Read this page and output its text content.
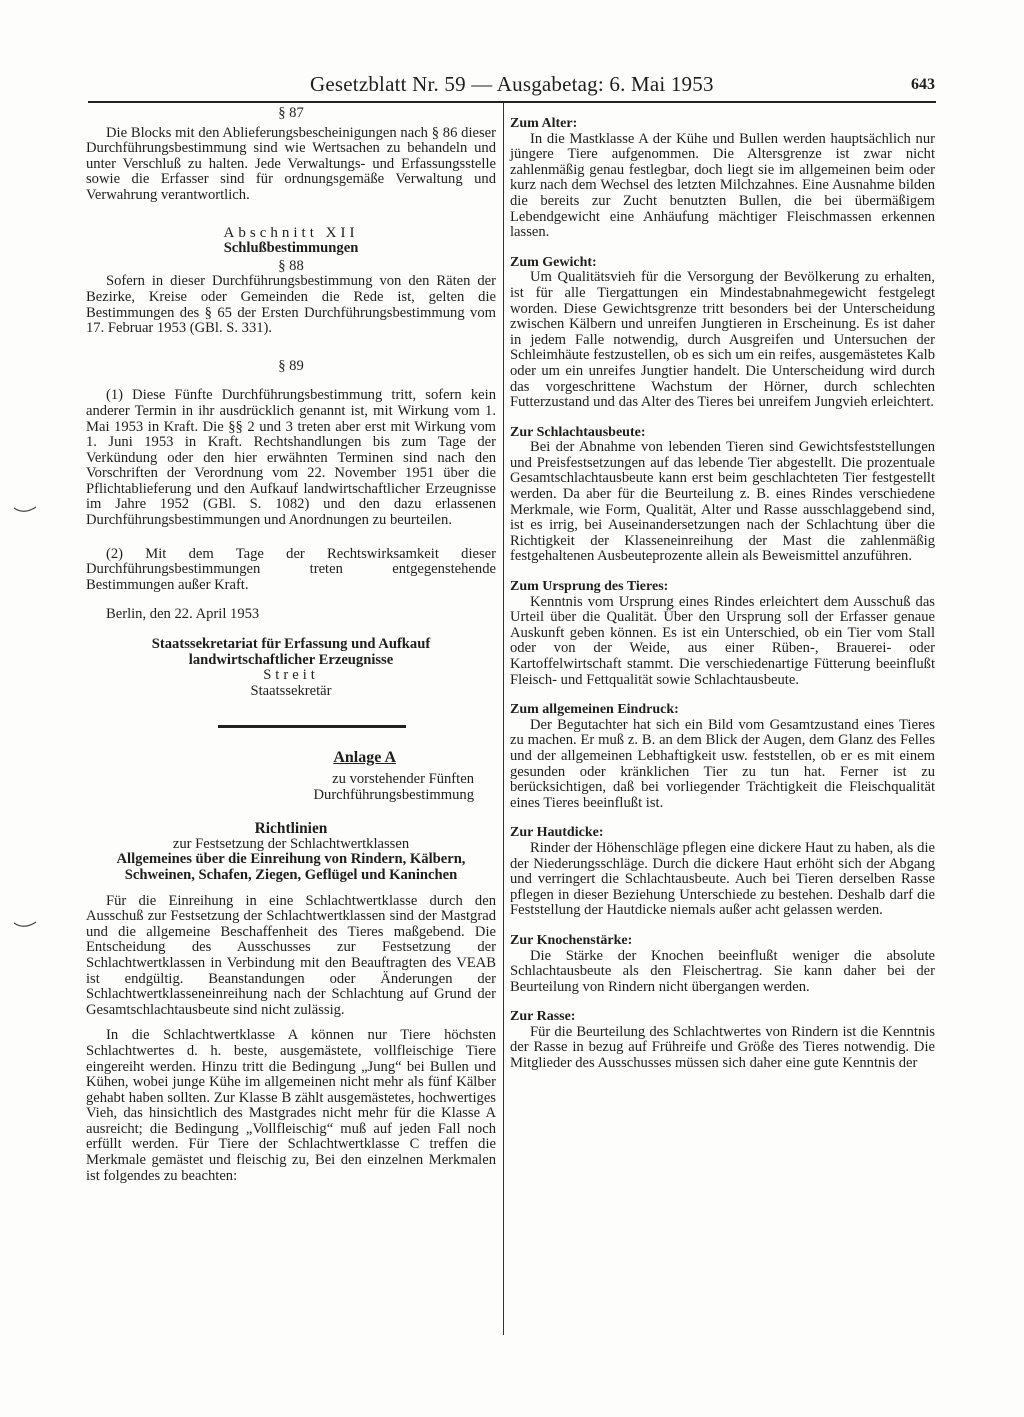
Gesetzblatt Nr. 59 — Ausgabetag: 6. Mai 1953	643
§ 87

Die Blocks mit den Ablieferungsbescheinigungen nach § 86 dieser Durchführungsbestimmung sind wie Wertsachen zu behandeln und unter Verschluß zu halten. Jede Verwaltungs- und Erfassungsstelle sowie die Erfasser sind für ordnungsgemäße Verwaltung und Verwahrung verantwortlich.

Abschnitt XII
Schlußbestimmungen
§ 88

Sofern in dieser Durchführungsbestimmung von den Räten der Bezirke, Kreise oder Gemeinden die Rede ist, gelten die Bestimmungen des § 65 der Ersten Durchführungsbestimmung vom 17. Februar 1953 (GBl. S. 331).

§ 89

(1) Diese Fünfte Durchführungsbestimmung tritt, sofern kein anderer Termin in ihr ausdrücklich genannt ist, mit Wirkung vom 1. Mai 1953 in Kraft. Die §§ 2 und 3 treten aber erst mit Wirkung vom 1. Juni 1953 in Kraft. Rechtshandlungen bis zum Tage der Verkündung oder den hier erwähnten Terminen sind nach den Vorschriften der Verordnung vom 22. November 1951 über die Pflichtablieferung und den Aufkauf landwirtschaftlicher Erzeugnisse im Jahre 1952 (GBl. S. 1082) und den dazu erlassenen Durchführungsbestimmungen und Anordnungen zu beurteilen.

(2) Mit dem Tage der Rechtswirksamkeit dieser Durchführungsbestimmungen treten entgegenstehende Bestimmungen außer Kraft.

Berlin, den 22. April 1953

Staatssekretariat für Erfassung und Aufkauf
landwirtschaftlicher Erzeugnisse
Streit
Staatssekretär
Anlage A
zu vorstehender Fünften
Durchführungsbestimmung
Richtlinien
zur Festsetzung der Schlachtwertklassen
Allgemeines über die Einreihung von Rindern, Kälbern, Schweinen, Schafen, Ziegen, Geflügel und Kaninchen

Für die Einreihung in eine Schlachtwertklasse durch den Ausschuß zur Festsetzung der Schlachtwertklassen sind der Mastgrad und die allgemeine Beschaffenheit des Tieres maßgebend. Die Entscheidung des Ausschusses zur Festsetzung der Schlachtwertklassen in Verbindung mit den Beauftragten des VEAB ist endgültig. Beanstandungen oder Änderungen der Schlachtwertklasseneinreihung nach der Schlachtung auf Grund der Gesamtschlachtausbeute sind nicht zulässig.

In die Schlachtwertklasse A können nur Tiere höchsten Schlachtwertes d. h. beste, ausgemästete, vollfleischige Tiere eingereiht werden. Hinzu tritt die Bedingung „Jung“ bei Bullen und Kühen, wobei junge Kühe im allgemeinen nicht mehr als fünf Kälber gehabt haben sollten. Zur Klasse B zählt ausgemästetes, hochwertiges Vieh, das hinsichtlich des Mastgrades nicht mehr für die Klasse A ausreicht; die Bedingung „Vollfleischig“ muß auf jeden Fall noch erfüllt werden. Für Tiere der Schlachtwertklasse C treffen die Merkmale gemästet und fleischig zu, Bei den einzelnen Merkmalen ist folgendes zu beachten:

Zum Alter:

In die Mastklasse A der Kühe und Bullen werden hauptsächlich nur jüngere Tiere aufgenommen. Die Altersgrenze ist zwar nicht zahlenmäßig genau festlegbar, doch liegt sie im allgemeinen beim oder kurz nach dem Wechsel des letzten Milchzahnes. Eine Ausnahme bilden die bereits zur Zucht benutzten Bullen, die bei übermäßigem Lebendgewicht eine Anhäufung mächtiger Fleischmassen erkennen lassen.

Zum Gewicht:

Um Qualitätsvieh für die Versorgung der Bevölkerung zu erhalten, ist für alle Tiergattungen ein Mindestabnahmegewicht festgelegt worden. Diese Gewichtsgrenze tritt besonders bei der Unterscheidung zwischen Kälbern und unreifen Jungtieren in Erscheinung. Es ist daher in jedem Falle notwendig, durch Ausgreifen und Untersuchen der Schleimhäute festzustellen, ob es sich um ein reifes, ausgemästetes Kalb oder um ein unreifes Jungtier handelt. Die Unterscheidung wird durch das vorgeschrittene Wachstum der Hörner, durch schlechten Futterzustand und das Alter des Tieres bei unreifem Jungvieh erleichtert.

Zur Schlachtausbeute:

Bei der Abnahme von lebenden Tieren sind Gewichtsfeststellungen und Preisfestsetzungen auf das lebende Tier abgestellt. Die prozentuale Gesamtschlachtausbeute kann erst beim geschlachteten Tier festgestellt werden. Da aber für die Beurteilung z. B. eines Rindes verschiedene Merkmale, wie Form, Qualität, Alter und Rasse ausschlaggebend sind, ist es irrig, bei Auseinandersetzungen nach der Schlachtung über die Richtigkeit der Klasseneinreihung der Mast die zahlenmäßig festgehaltenen Ausbeuteprozente allein als Beweismittel anzuführen.

Zum Ursprung des Tieres:

Kenntnis vom Ursprung eines Rindes erleichtert dem Ausschuß das Urteil über die Qualität. Über den Ursprung soll der Erfasser genaue Auskunft geben können. Es ist ein Unterschied, ob ein Tier vom Stall oder von der Weide, aus einer Rüben-, Brauerei- oder Kartoffelwirtschaft stammt. Die verschiedenartige Fütterung beeinflußt Fleisch- und Fettqualität sowie Schlachtausbeute.

Zum allgemeinen Eindruck:

Der Begutachter hat sich ein Bild vom Gesamtzustand eines Tieres zu machen. Er muß z. B. an dem Blick der Augen, dem Glanz des Felles und der allgemeinen Lebhaftigkeit usw. feststellen, ob er es mit einem gesunden oder kränklichen Tier zu tun hat. Ferner ist zu berücksichtigen, daß bei vorliegender Trächtigkeit die Fleischqualität eines Tieres beeinflußt ist.

Zur Hautdicke:

Rinder der Höhenschläge pflegen eine dickere Haut zu haben, als die der Niederungsschläge. Durch die dickere Haut erhöht sich der Abgang und verringert die Schlachtausbeute. Auch bei Tieren derselben Rasse pflegen in dieser Beziehung Unterschiede zu bestehen. Deshalb darf die Feststellung der Hautdicke niemals außer acht gelassen werden.

Zur Knochenstärke:

Die Stärke der Knochen beeinflußt weniger die absolute Schlachtausbeute als den Fleischertrag. Sie kann daher bei der Beurteilung von Rindern nicht übergangen werden.

Zur Rasse:

Für die Beurteilung des Schlachtwertes von Rindern ist die Kenntnis der Rasse in bezug auf Frühreife und Größe des Tieres notwendig. Die Mitglieder des Ausschusses müssen sich daher eine gute Kenntnis der
